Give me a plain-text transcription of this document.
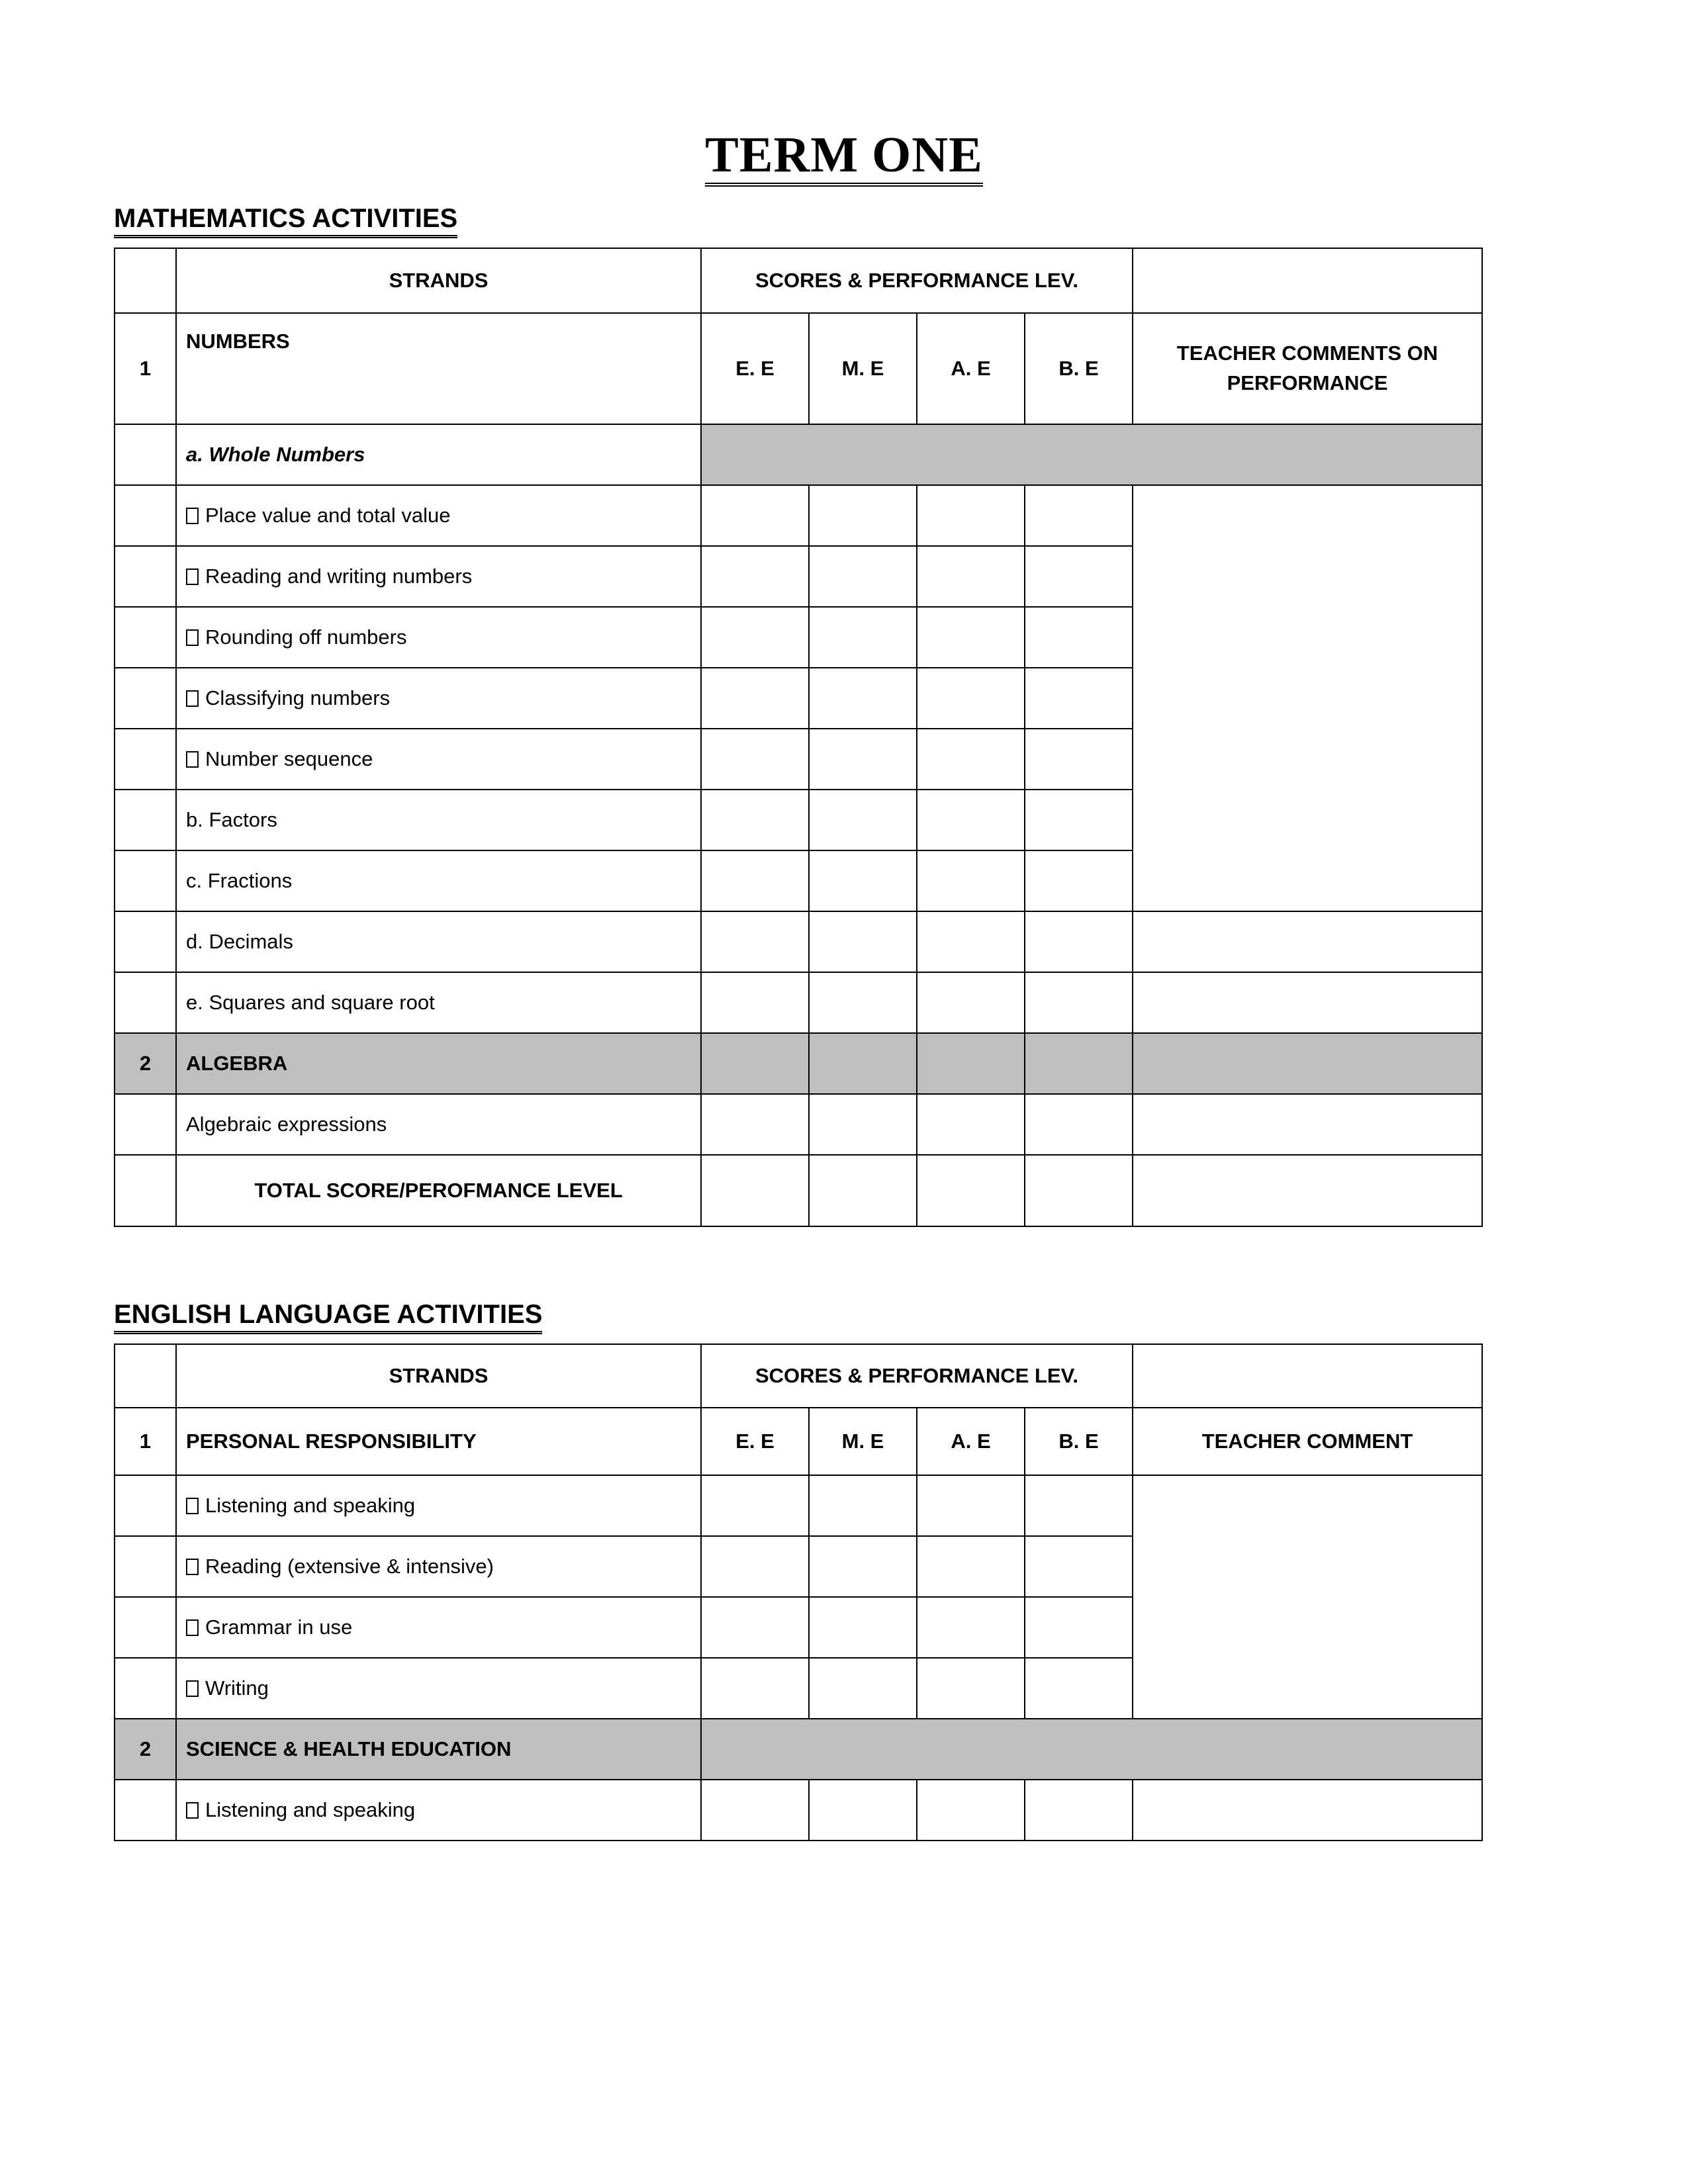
TERM ONE
MATHEMATICS ACTIVITIES
	STRANDS	SCORES & PERFORMANCE LEV.				
1	NUMBERS	E. E	M. E	A. E	B. E	TEACHER COMMENTS ON
PERFORMANCE

	a. Whole Numbers					

	Place value and total value					

	Reading and writing numbers					

	Rounding off numbers					

	Classifying numbers					

	Number sequence					

	b. Factors					
	c. Fractions					
	d. Decimals					
	e. Squares and square root					
2	ALGEBRA					
	Algebraic expressions					
	TOTAL SCORE/PEROFMANCE LEVEL					
ENGLISH LANGUAGE ACTIVITIES
	STRANDS	SCORES & PERFORMANCE LEV.				
1	PERSONAL RESPONSIBILITY	E. E	M. E	A. E	B. E	TEACHER COMMENT

	Listening and speaking					

	Reading (extensive & intensive)					

	Grammar in use					

	Writing					

2	SCIENCE & HEALTH EDUCATION					

	Listening and speaking					
